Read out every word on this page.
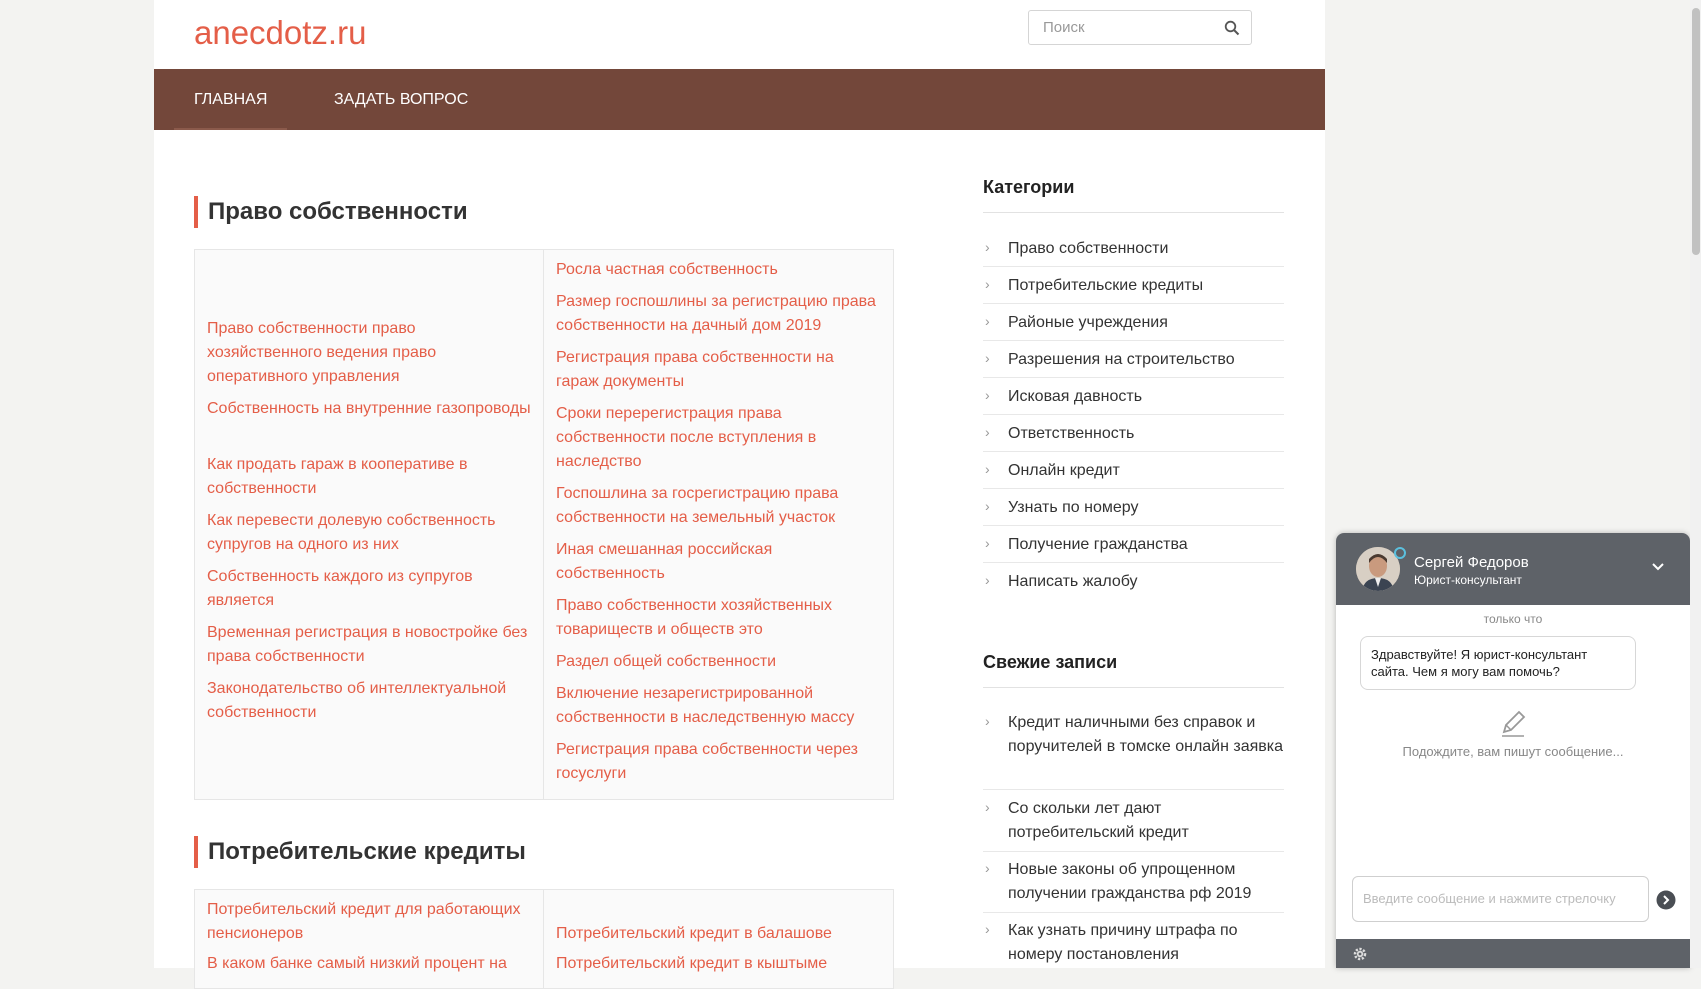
anecdotz.ru
Поиск
ГЛАВНАЯ	ЗАДАТЬ ВОПРОС
Право собственности
Право собственности право хозяйственного ведения право оперативного управления
Собственность на внутренние газопроводы
Как продать гараж в кооперативе в собственности
Как перевести долевую собственность супругов на одного из них
Собственность каждого из супругов является
Временная регистрация в новостройке без права собственности
Законодательство об интеллектуальной собственности
Росла частная собственность
Размер госпошлины за регистрацию права собственности на дачный дом 2019
Регистрация права собственности на гараж документы
Сроки перерегистрация права собственности после вступления в наследство
Госпошлина за госрегистрацию права собственности на земельный участок
Иная смешанная российская собственность
Право собственности хозяйственных товариществ и обществ это
Раздел общей собственности
Включение незарегистрированной собственности в наследственную массу
Регистрация права собственности через госуслуги
Потребительские кредиты
Потребительский кредит для работающих пенсионеров
В каком банке самый низкий процент на
Потребительский кредит в балашове
Потребительский кредит в кыштыме
Категории
› Право собственности
› Потребительские кредиты
› Районые учреждения
› Разрешения на строительство
› Исковая давность
› Ответственность
› Онлайн кредит
› Узнать по номеру
› Получение гражданства
› Написать жалобу
Свежие записи
› Кредит наличными без справок и поручителей в томске онлайн заявка
› Со скольки лет дают потребительский кредит
› Новые законы об упрощенном получении гражданства рф 2019
› Как узнать причину штрафа по номеру постановления
Сергей Федоров
Юрист-консультант
только что
Здравствуйте! Я юрист-консультант сайта. Чем я могу вам помочь?
Подождите, вам пишут сообщение...
Введите сообщение и нажмите стрелочку
